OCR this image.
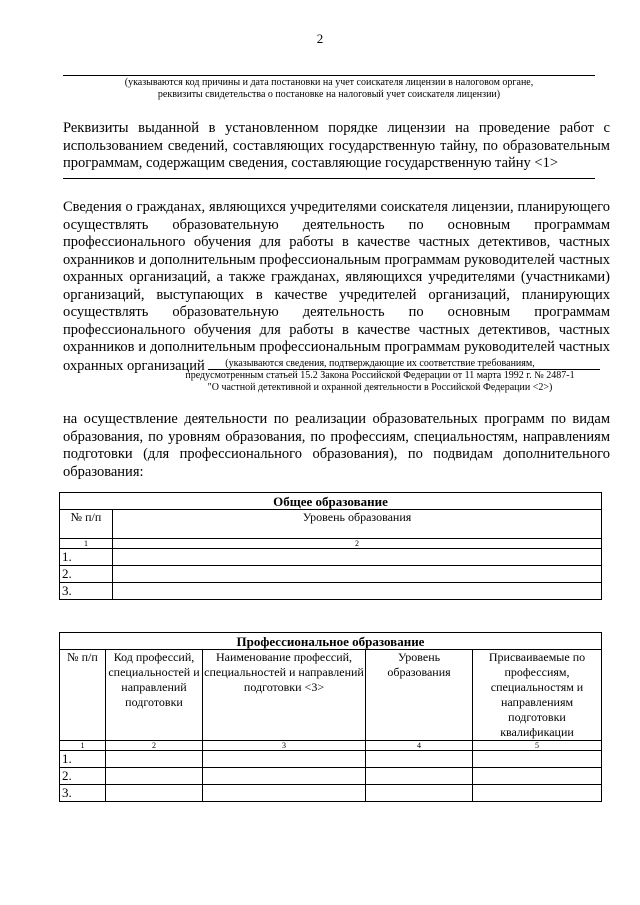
2
(указываются код причины и дата постановки на учет соискателя лицензии в налоговом органе,
реквизиты свидетельства о постановке на налоговый учет соискателя лицензии)
Реквизиты выданной в установленном порядке лицензии на проведение работ с использованием сведений, составляющих государственную тайну, по образовательным программам, содержащим сведения, составляющие государственную тайну <1>
Сведения о гражданах, являющихся учредителями соискателя лицензии, планирующего осуществлять образовательную деятельность по основным программам профессионального обучения для работы в качестве частных детективов, частных охранников и дополнительным профессиональным программам руководителей частных охранных организаций, а также гражданах, являющихся учредителями (участниками) организаций, выступающих в качестве учредителей организаций, планирующих осуществлять образовательную деятельность по основным программам профессионального обучения для работы в качестве частных детективов, частных охранников и дополнительным профессиональным программам руководителей частных охранных организаций	(указываются сведения, подтверждающие их соответствие требованиям,
предусмотренным статьей 15.2 Закона Российской Федерации от 11 марта 1992 г. № 2487-1
"О частной детективной и охранной деятельности в Российской Федерации <2>)
на осуществление деятельности по реализации образовательных программ по видам образования, по уровням образования, по профессиям, специальностям, направлениям подготовки (для профессионального образования), по подвидам дополнительного образования:
Общее образование	
№ п/п	Уровень образования
1	2
1.	
2.	
3.	
Профессиональное образование				
№ п/п	Код профессий, специальностей и направлений подготовки	Наименование профессий, специальностей и направлений подготовки <3>	Уровень образования	Присваиваемые по профессиям, специальностям и направлениям подготовки квалификации
1	2	3	4	5
1.				
2.				
3.				
